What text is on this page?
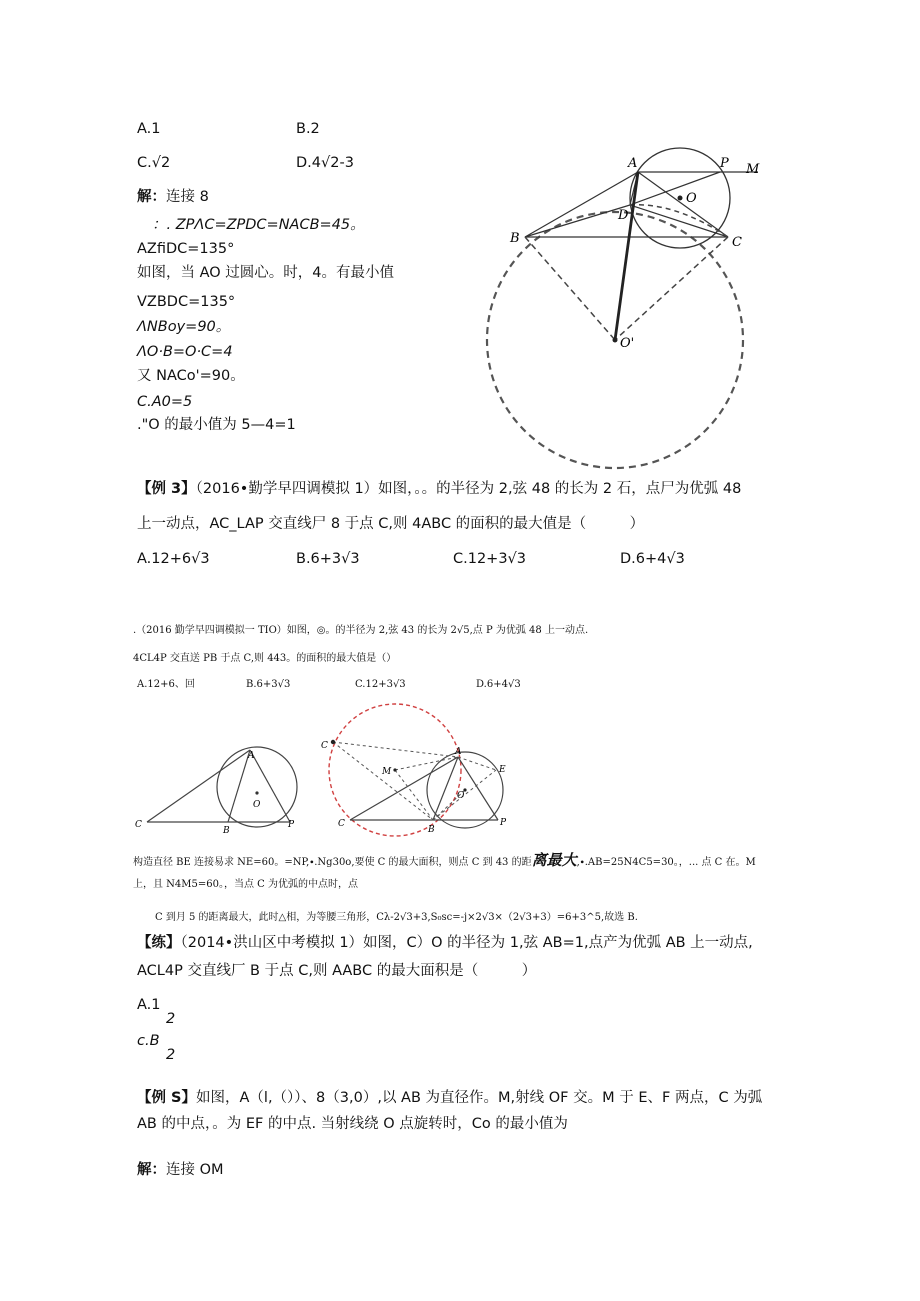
A.1	B.2
C.√2	D.4√2-3
解：连接 8
：. ZPΛC=ZPDC=NACB=45。
AZfiDC=135°
如图，当 AO 过圆心。时，4。有最小值
VZBDC=135°
ΛNBoy=90。
ΛO·B=O·C=4
又 NACo'=90。
C.A0=5
."O 的最小值为 5—4=1
A	P M
D
O
B	C
O'
【例 3】（2016•勤学早四调模拟 1）如图，。。的半径为 2,弦 48 的长为 2 石，点尸为优弧 48
上一动点，AC_LAP 交直线尸 8 于点 C,则 4ABC 的面积的最大值是（　　　）
A.12+6√3	B.6+3√3	C.12+3√3	D.6+4√3
.（2016 勤学早四调模拟一 TIO）如图，◎。的半径为 2,弦 43 的长为 2√5,点 P 为优弧 48 上一动点.
4CL4P 交直送 PB 于点 C,则 443。的面积的最大值是（）
A.12+6、回	B.6+3√3	C.12+3√3	D.6+4√3
A
O
C
B
P
C
M
A
E
O
C
B
P
构造直径 BE 连接易求 NE=60。=NP,∙.Ng30o,要使 C 的最大面积，则点 C 到 43 的距离最大,∙.AB=25N4C5=30。，... 点 C 在。M
上，且 N4M5=60。，当点 C 为优弧的中点时，点
C 到月 5 的距离最大，此时△相，为等腰三角形，Cλ-2√3+3,S₀sc=-j×2√3×（2√3+3）=6+3^5,故选 B.
【练】（2014•洪山区中考模拟 1）如图，C）O 的半径为 1,弦 AB=1,点产为优弧 AB 上一动点,
ACL4P 交直线厂 B 于点 C,则 AABC 的最大面积是（　　　）
A.1
2
c.B
2
【例 S】如图，A（l,（））、8（3,0）,以 AB 为直径作。M,射线 OF 交。M 于 E、F 两点，C 为弧
AB 的中点，。为 EF 的中点. 当射线绕 O 点旋转时，Co 的最小值为
解：连接 OM
